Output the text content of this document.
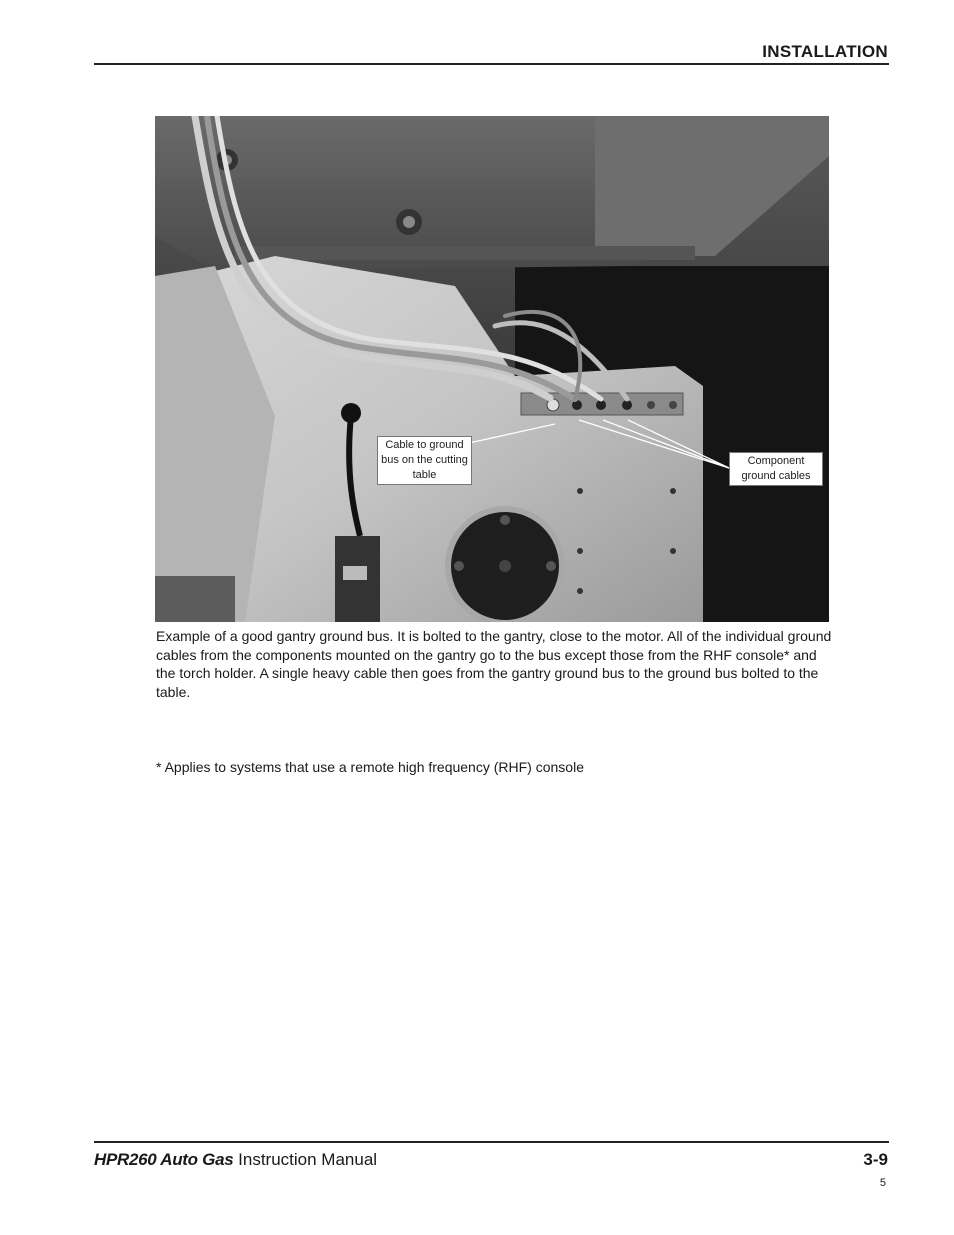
INSTALLATION
Cable to ground bus on the cutting table
Component ground cables

Example of a good gantry ground bus. It is bolted to the gantry, close to the motor. All of the individual ground cables from the components mounted on the gantry go to the bus except those from the RHF console* and the torch holder. A single heavy cable then goes from the gantry ground bus to the ground bus bolted to the table.

* Applies to systems that use a remote high frequency (RHF) console

HPR260 Auto Gas Instruction Manual	3-9
5
